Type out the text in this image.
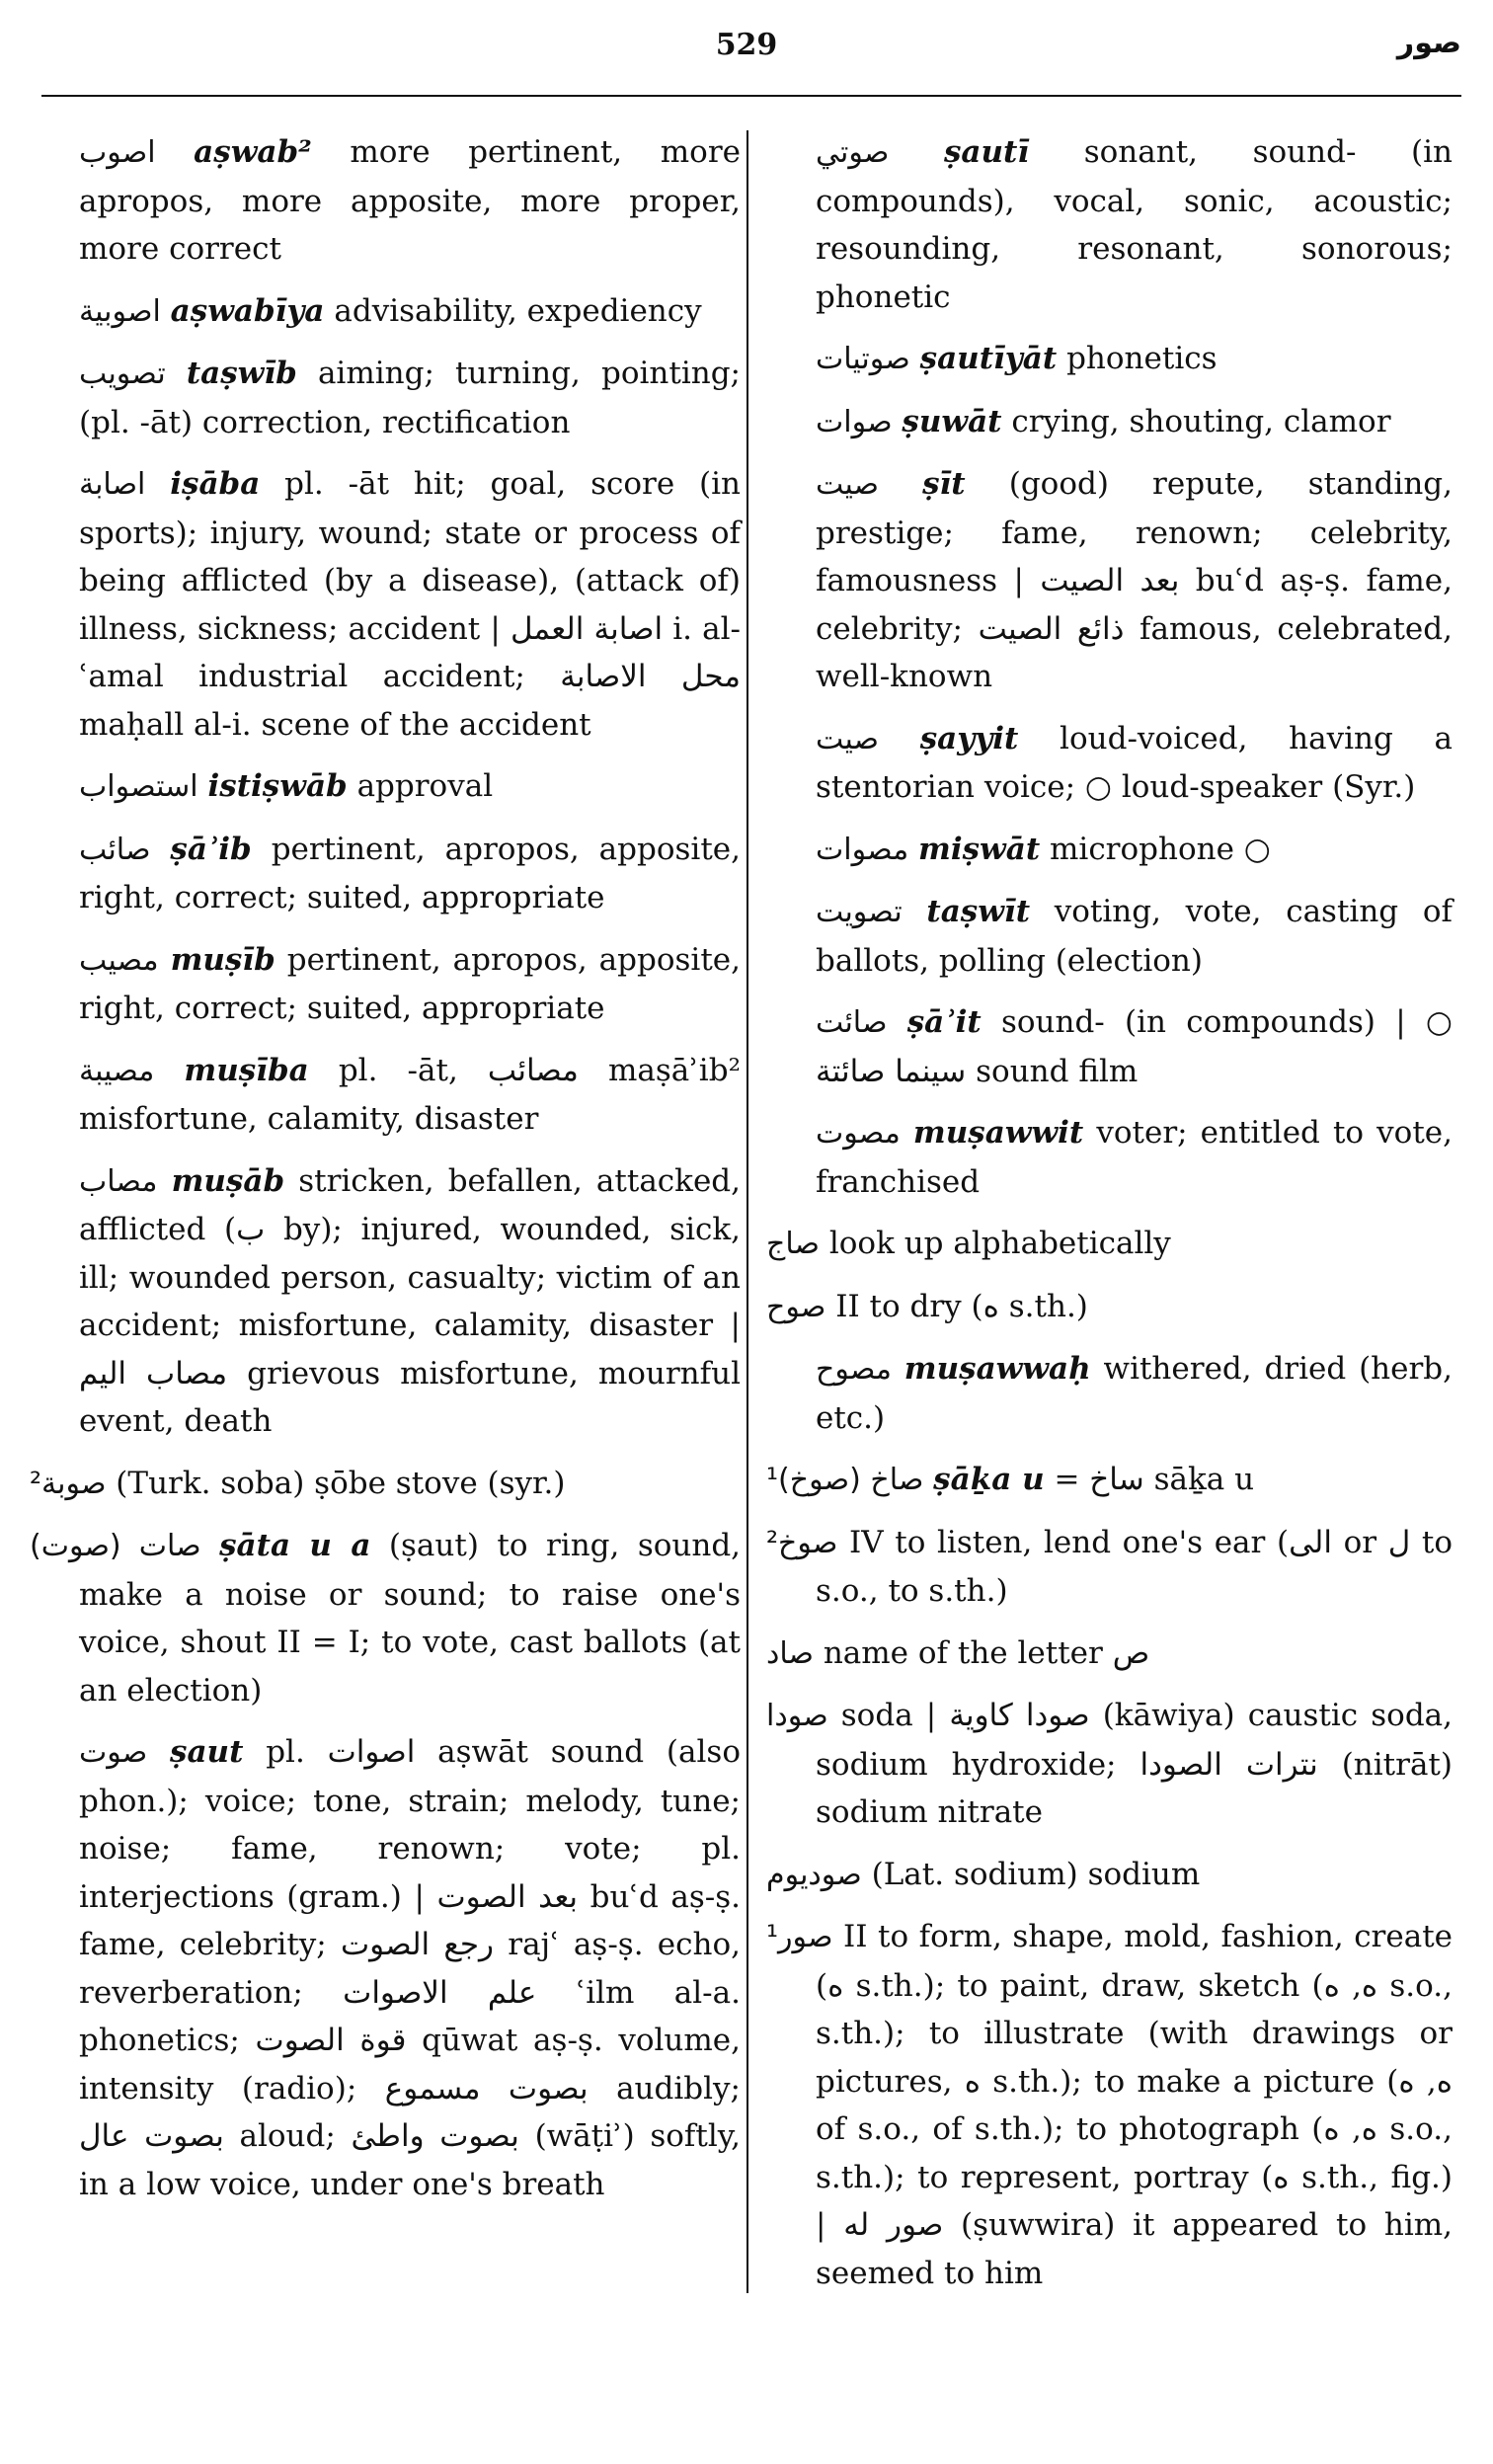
529	صور

اصوب aṣwab² more pertinent, more apropos, more apposite, more proper, more correct

اصوبية aṣwabīya advisability, expediency

تصويب taṣwīb aiming; turning, pointing; (pl. -āt) correction, rectification

اصابة iṣāba pl. -āt hit; goal, score (in sports); injury, wound; state or process of being afflicted (by a disease), (attack of) illness, sickness; accident | اصابة العمل i. al-ʿamal industrial accident; محل الاصابة maḥall al-i. scene of the accident

استصواب istiṣwāb approval

صائب ṣāʾib pertinent, apropos, apposite, right, correct; suited, appropriate

مصيب muṣīb pertinent, apropos, apposite, right, correct; suited, appropriate

مصيبة muṣība pl. -āt, مصائب maṣāʾib² misfortune, calamity, disaster

مصاب muṣāb stricken, befallen, attacked, afflicted (ب by); injured, wounded, sick, ill; wounded person, casualty; victim of an accident; misfortune, calamity, disaster | مصاب اليم grievous misfortune, mournful event, death

²صوبة (Turk. soba) ṣōbe stove (syr.)

صات (صوت) ṣāta u a (ṣaut) to ring, sound, make a noise or sound; to raise one's voice, shout II = I; to vote, cast ballots (at an election)

صوت ṣaut pl. اصوات aṣwāt sound (also phon.); voice; tone, strain; melody, tune; noise; fame, renown; vote; pl. interjections (gram.) | بعد الصوت buʿd aṣ-ṣ. fame, celebrity; رجع الصوت rajʿ aṣ-ṣ. echo, reverberation; علم الاصوات ʿilm al-a. phonetics; قوة الصوت qūwat aṣ-ṣ. volume, intensity (radio); بصوت مسموع audibly; بصوت عال aloud; بصوت واطئ (wāṭiʾ) softly, in a low voice, under one's breath

صوتي ṣautī sonant, sound- (in compounds), vocal, sonic, acoustic; resounding, resonant, sonorous; phonetic

صوتيات ṣautīyāt phonetics

صوات ṣuwāt crying, shouting, clamor

صيت ṣīt (good) repute, standing, prestige; fame, renown; celebrity, famousness | بعد الصيت buʿd aṣ-ṣ. fame, celebrity; ذائع الصيت famous, celebrated, well-known

صيت ṣayyit loud-voiced, having a stentorian voice; ○ loud-speaker (Syr.)

مصوات miṣwāt microphone ○

تصويت taṣwīt voting, vote, casting of ballots, polling (election)

صائت ṣāʾit sound- (in compounds) | ○ سينما صائتة sound film

مصوت muṣawwit voter; entitled to vote, franchised

صاج look up alphabetically

صوح II to dry (ه s.th.)

مصوح muṣawwaḥ withered, dried (herb, etc.)

¹(صوخ) صاخ ṣāḵa u = ساخ sāḵa u

²صوخ IV to listen, lend one's ear (الى or ل to s.o., to s.th.)

صاد name of the letter ص

صودا soda | صودا كاوية (kāwiya) caustic soda, sodium hydroxide; نترات الصودا (nitrāt) sodium nitrate

صوديوم (Lat. sodium) sodium

¹صور II to form, shape, mold, fashion, create (ه s.th.); to paint, draw, sketch (ه, ه s.o., s.th.); to illustrate (with drawings or pictures, ه s.th.); to make a picture (ه, ه of s.o., of s.th.); to photograph (ه, ه s.o., s.th.); to represent, portray (ه s.th., fig.) | صور له (ṣuwwira) it appeared to him, seemed to him
